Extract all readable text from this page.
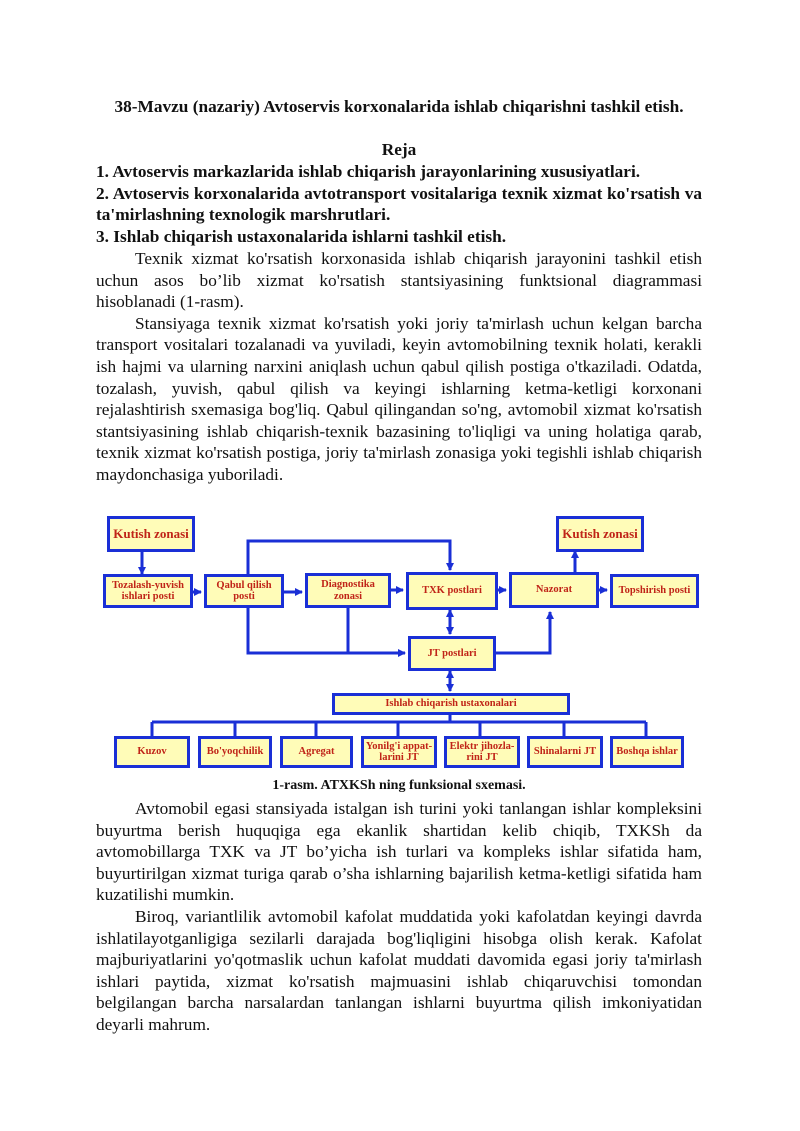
38-Mavzu (nazariy) Avtoservis korxonalarida ishlab chiqarishni tashkil etish.
Reja

1. Avtoservis markazlarida ishlab chiqarish jarayonlarining xususiyatlari.

2. Avtoservis korxonalarida avtotransport vositalariga texnik xizmat ko'rsatish va ta'mirlashning texnologik marshrutlari.

3. Ishlab chiqarish ustaxonalarida ishlarni tashkil etish.

Texnik xizmat ko'rsatish korxonasida ishlab chiqarish jarayonini tashkil etish uchun asos bo’lib xizmat ko'rsatish stantsiyasining funktsional diagrammasi hisoblanadi (1-rasm).

Stansiyaga texnik xizmat ko'rsatish yoki joriy ta'mirlash uchun kelgan barcha transport vositalari tozalanadi va yuviladi, keyin avtomobilning texnik holati, kerakli ish hajmi va ularning narxini aniqlash uchun qabul qilish postiga o'tkaziladi. Odatda, tozalash, yuvish, qabul qilish va keyingi ishlarning ketma-ketligi korxonani rejalashtirish sxemasiga bog'liq. Qabul qilingandan so'ng, avtomobil xizmat ko'rsatish stantsiyasining ishlab chiqarish-texnik bazasining to'liqligi va uning holatiga qarab, texnik xizmat ko'rsatish postiga, joriy ta'mirlash zonasiga yoki tegishli ishlab chiqarish maydonchasiga yuboriladi.

Kutish zonasi	Kutish zonasi
Tozalash-yuvish ishlari posti
Qabul qilish posti
Diagnostika zonasi	TXK postlari	Nazorat	Topshirish posti
JT postlari
Ishlab chiqarish ustaxonalari
Kuzov	Bo'yoqchilik	Agregat
Yonilg'i appat-larini JT
Elektr jihozla-rini JT
Shinalarni JT	Boshqa ishlar
1-rasm. ATXKSh ning funksional sxemasi.

Avtomobil egasi stansiyada istalgan ish turini yoki tanlangan ishlar kompleksini buyurtma berish huquqiga ega ekanlik shartidan kelib chiqib, TXKSh da avtomobillarga TXK va JT bo’yicha ish turlari va kompleks ishlar sifatida ham, buyurtirilgan xizmat turiga qarab o’sha ishlarning bajarilish ketma-ketligi sifatida ham kuzatilishi mumkin.

Biroq, variantlilik avtomobil kafolat muddatida yoki kafolatdan keyingi davrda ishlatilayotganligiga sezilarli darajada bog'liqligini hisobga olish kerak. Kafolat majburiyatlarini yo'qotmaslik uchun kafolat muddati davomida egasi joriy ta'mirlash ishlari paytida, xizmat ko'rsatish majmuasini ishlab chiqaruvchisi tomondan belgilangan barcha narsalardan tanlangan ishlarni buyurtma qilish imkoniyatidan deyarli mahrum.
